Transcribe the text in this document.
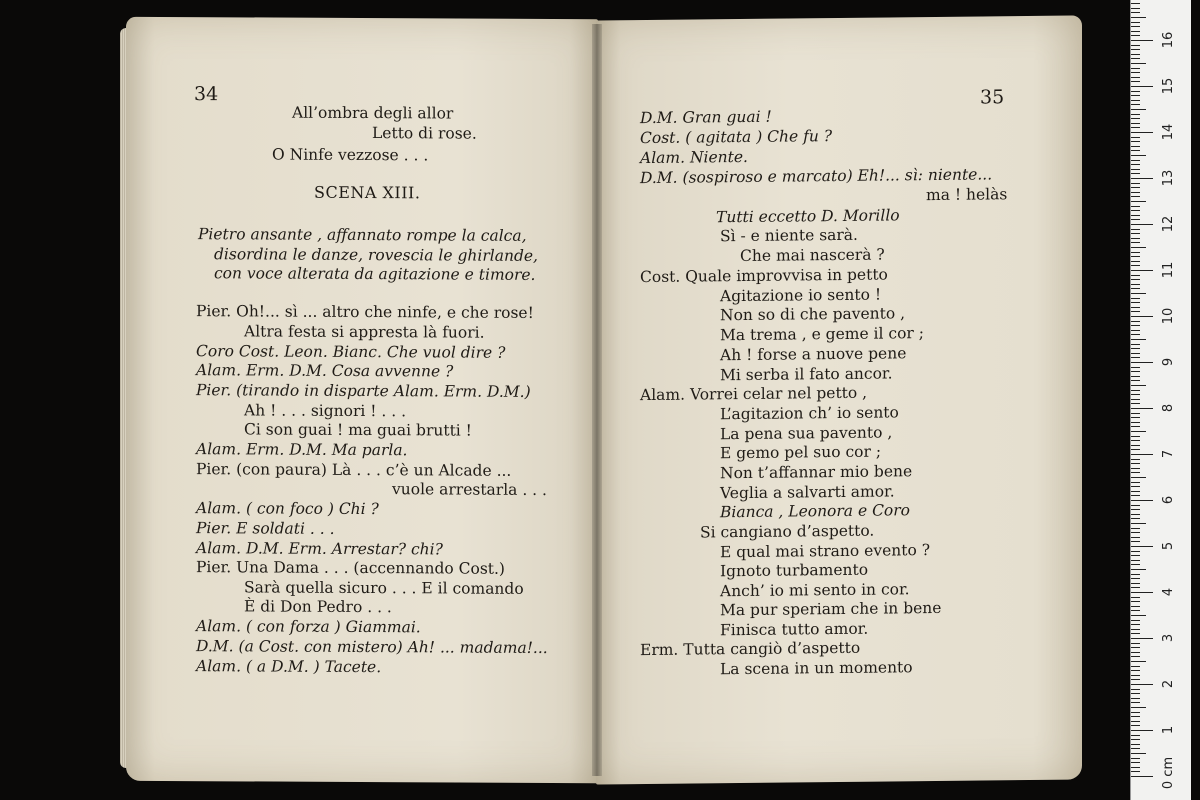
34
All’ombra degli allor
Letto di rose.
O Ninfe vezzose . . .
SCENA XIII.
Pietro ansante , affannato rompe la calca,
disordina le danze, rovescia le ghirlande,
con voce alterata da agitazione e timore.
Pier. Oh!... sì ... altro che ninfe, e che rose!
Altra festa si appresta là fuori.
Coro Cost. Leon. Bianc. Che vuol dire ?
Alam. Erm. D.M. Cosa avvenne ?
Pier. (tirando in disparte Alam. Erm. D.M.)
Ah ! . . . signori ! . . .
Ci son guai ! ma guai brutti !
Alam. Erm. D.M. Ma parla.
Pier. (con paura) Là . . . c’è un Alcade ...
vuole arrestarla . . .
Alam. ( con foco ) Chi ?
Pier. E soldati . . .
Alam. D.M. Erm. Arrestar? chi?
Pier. Una Dama . . . (accennando Cost.)
Sarà quella sicuro . . . E il comando
È di Don Pedro . . .
Alam. ( con forza ) Giammai.
D.M. (a Cost. con mistero) Ah! ... madama!...
Alam. ( a D.M. ) Tacete.
35
D.M. Gran guai !
Cost. ( agitata ) Che fu ?
Alam. Niente.
D.M. (sospiroso e marcato) Eh!... sì: niente...
ma ! helàs
Tutti eccetto D. Morillo
Sì - e niente sarà.
Che mai nascerà ?
Cost. Quale improvvisa in petto
Agitazione io sento !
Non so di che pavento ,
Ma trema , e geme il cor ;
Ah ! forse a nuove pene
Mi serba il fato ancor.
Alam. Vorrei celar nel petto ,
L’agitazion ch’ io sento
La pena sua pavento ,
E gemo pel suo cor ;
Non t’affannar mio bene
Veglia a salvarti amor.
Bianca , Leonora e Coro
Si cangiano d’aspetto.
E qual mai strano evento ?
Ignoto turbamento
Anch’ io mi sento in cor.
Ma pur speriam che in bene
Finisca tutto amor.
Erm. Tutta cangiò d’aspetto
La scena in un momento
0 cm
1
2
3
4
5
6
7
8
9
10
11
12
13
14
15
16
